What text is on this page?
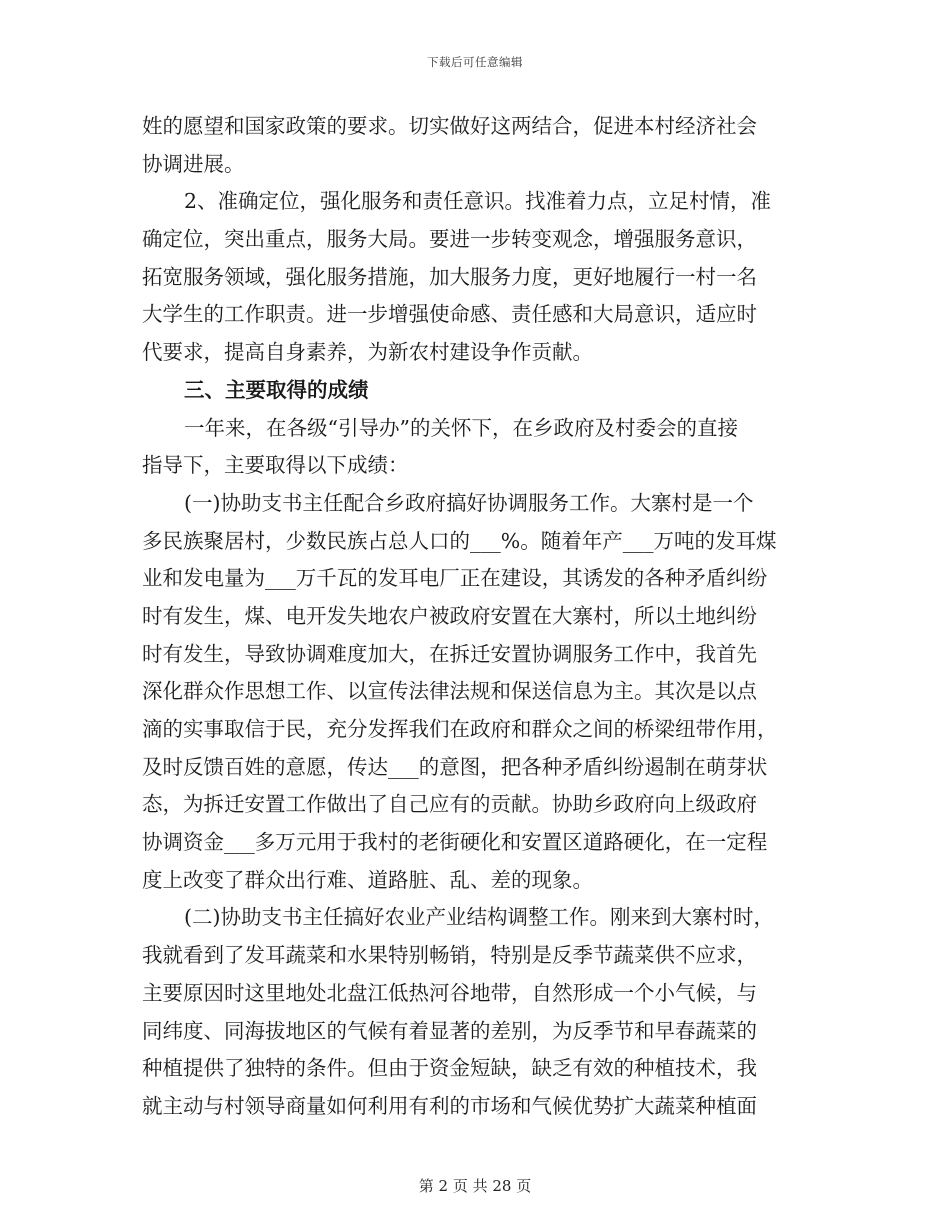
下载后可任意编辑
姓的愿望和国家政策的要求。切实做好这两结合，促进本村经济社会
协调进展。
2、准确定位，强化服务和责任意识。找准着力点，立足村情，准
确定位，突出重点，服务大局。要进一步转变观念，增强服务意识，
拓宽服务领域，强化服务措施，加大服务力度，更好地履行一村一名
大学生的工作职责。进一步增强使命感、责任感和大局意识，适应时
代要求，提高自身素养，为新农村建设争作贡献。
三、主要取得的成绩
一年来，在各级“引导办”的关怀下，在乡政府及村委会的直接
指导下，主要取得以下成绩：
(一)协助支书主任配合乡政府搞好协调服务工作。大寨村是一个
多民族聚居村，少数民族占总人口的___%。随着年产___万吨的发耳煤
业和发电量为___万千瓦的发耳电厂正在建设，其诱发的各种矛盾纠纷
时有发生，煤、电开发失地农户被政府安置在大寨村，所以土地纠纷
时有发生，导致协调难度加大，在拆迁安置协调服务工作中，我首先
深化群众作思想工作、以宣传法律法规和保送信息为主。其次是以点
滴的实事取信于民，充分发挥我们在政府和群众之间的桥梁纽带作用，
及时反馈百姓的意愿，传达___的意图，把各种矛盾纠纷遏制在萌芽状
态，为拆迁安置工作做出了自己应有的贡献。协助乡政府向上级政府
协调资金___多万元用于我村的老街硬化和安置区道路硬化，在一定程
度上改变了群众出行难、道路脏、乱、差的现象。
(二)协助支书主任搞好农业产业结构调整工作。刚来到大寨村时，
我就看到了发耳蔬菜和水果特别畅销，特别是反季节蔬菜供不应求，
主要原因时这里地处北盘江低热河谷地带，自然形成一个小气候，与
同纬度、同海拔地区的气候有着显著的差别，为反季节和早春蔬菜的
种植提供了独特的条件。但由于资金短缺，缺乏有效的种植技术，我
就主动与村领导商量如何利用有利的市场和气候优势扩大蔬菜种植面
第 2 页 共 28 页
